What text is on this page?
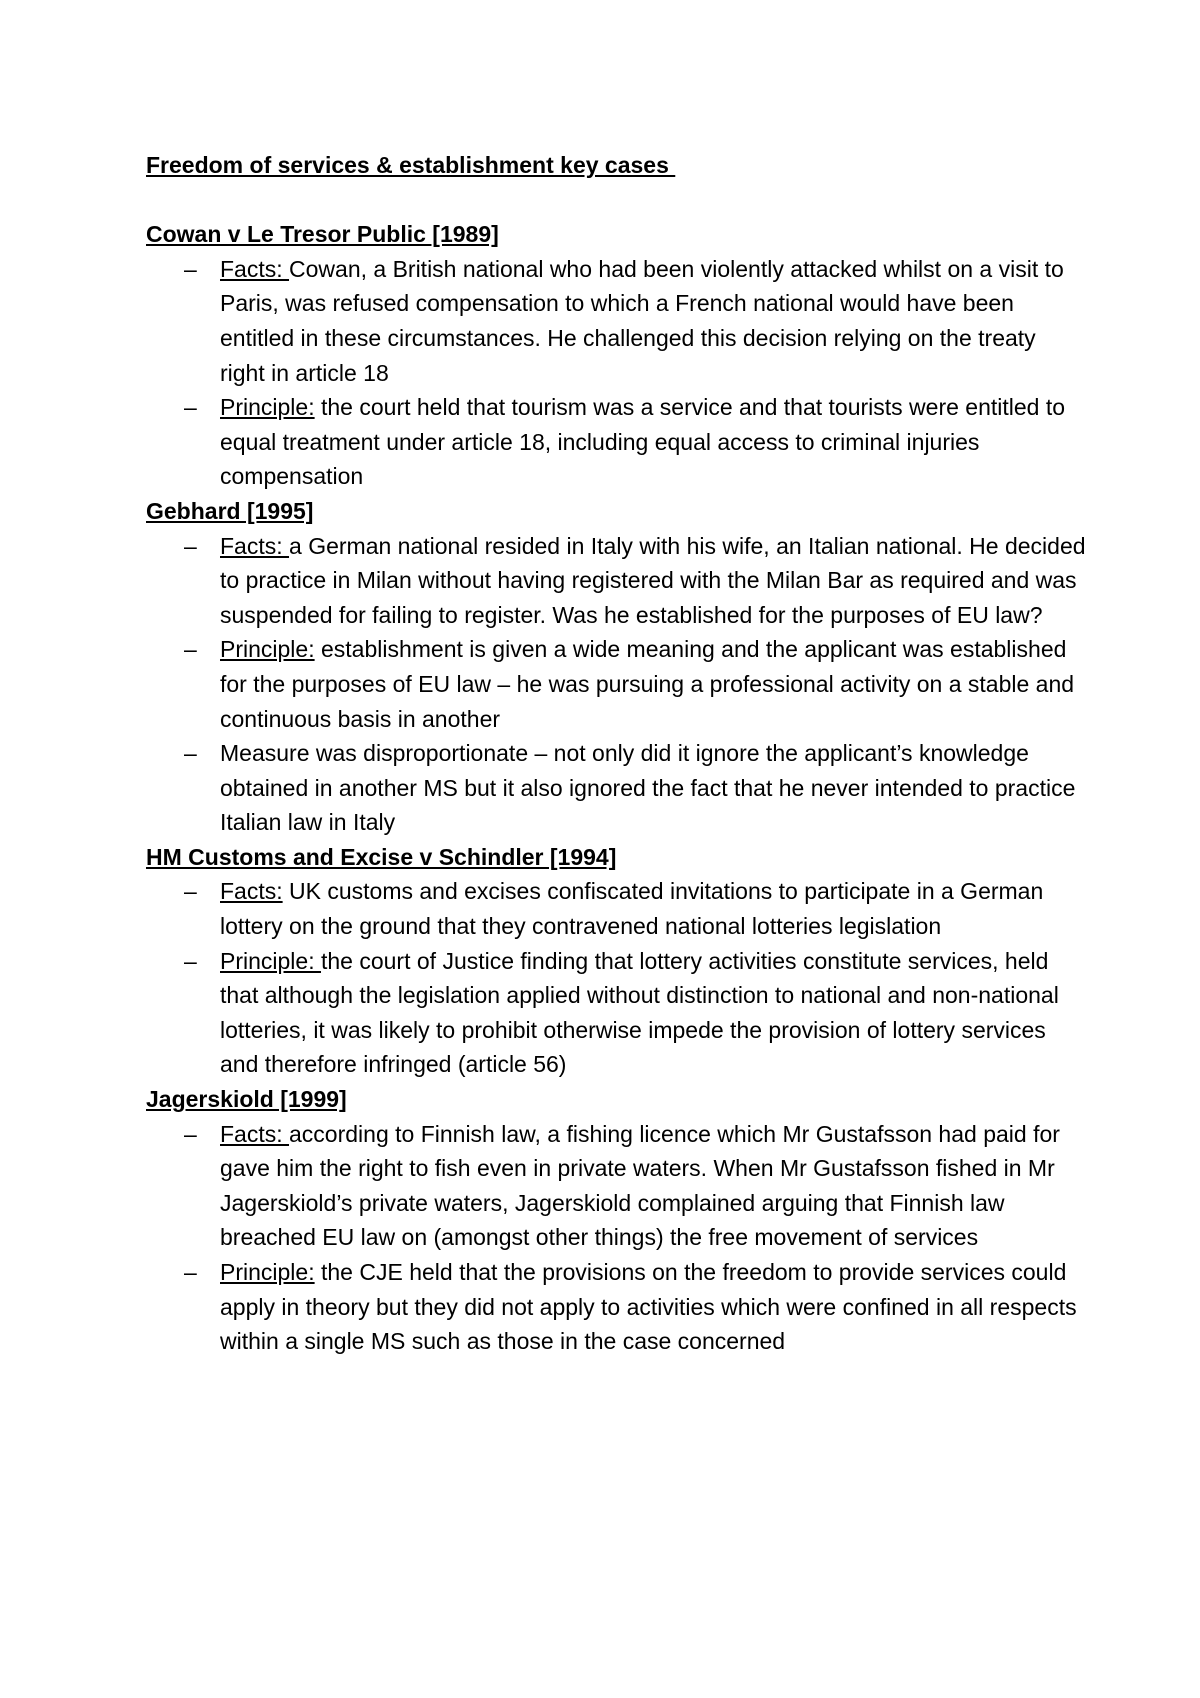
Freedom of services & establishment key cases
Cowan v Le Tresor Public [1989]
– Facts: Cowan, a British national who had been violently attacked whilst on a visit to Paris, was refused compensation to which a French national would have been entitled in these circumstances. He challenged this decision relying on the treaty right in article 18
– Principle: the court held that tourism was a service and that tourists were entitled to equal treatment under article 18, including equal access to criminal injuries compensation
Gebhard [1995]
– Facts: a German national resided in Italy with his wife, an Italian national. He decided to practice in Milan without having registered with the Milan Bar as required and was suspended for failing to register. Was he established for the purposes of EU law?
– Principle: establishment is given a wide meaning and the applicant was established for the purposes of EU law – he was pursuing a professional activity on a stable and continuous basis in another
– Measure was disproportionate – not only did it ignore the applicant’s knowledge obtained in another MS but it also ignored the fact that he never intended to practice Italian law in Italy
HM Customs and Excise v Schindler [1994]
– Facts: UK customs and excises confiscated invitations to participate in a German lottery on the ground that they contravened national lotteries legislation
– Principle: the court of Justice finding that lottery activities constitute services, held that although the legislation applied without distinction to national and non-national lotteries, it was likely to prohibit otherwise impede the provision of lottery services and therefore infringed (article 56)
Jagerskiold [1999]
– Facts: according to Finnish law, a fishing licence which Mr Gustafsson had paid for gave him the right to fish even in private waters. When Mr Gustafsson fished in Mr Jagerskiold’s private waters, Jagerskiold complained arguing that Finnish law breached EU law on (amongst other things) the free movement of services
– Principle: the CJE held that the provisions on the freedom to provide services could apply in theory but they did not apply to activities which were confined in all respects within a single MS such as those in the case concerned
